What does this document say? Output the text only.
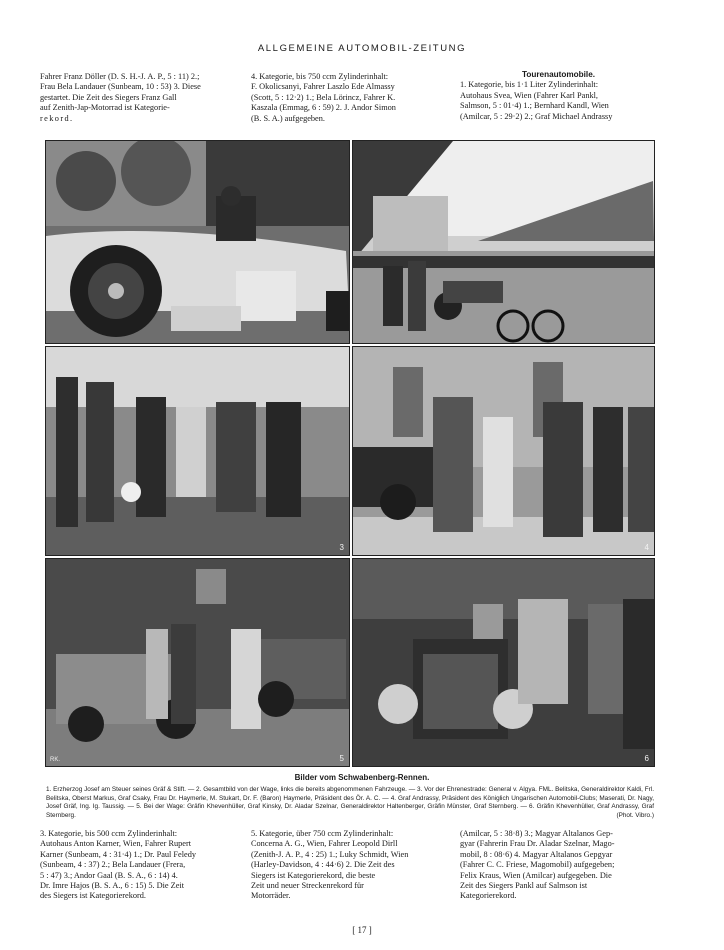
ALLGEMEINE AUTOMOBIL-ZEITUNG
Fahrer Franz Döller (D. S. H.-J. A. P., 5 : 11) 2.;
Frau Bela Landauer (Sunbeam, 10 : 53) 3. Diese
gestartet. Die Zeit des Siegers Franz Gall
auf Zenith-Jap-Motorrad ist Kategorie-
rekord.
4. Kategorie, bis 750 ccm Zylinderinhalt:
F. Okolicsanyi, Fahrer Laszlo Ede Almassy
(Scott, 5 : 12·2) 1.; Bela Lörincz, Fahrer K.
Kaszala (Emmag, 6 : 59) 2. J. Andor Simon
(B. S. A.) aufgegeben.
Tourenautomobile.
1. Kategorie, bis 1·1 Liter Zylinderinhalt:
Autohaus Svea, Wien (Fahrer Karl Pankl,
Salmson, 5 : 01·4) 1.; Bernhard Kandl, Wien
(Amilcar, 5 : 29·2) 2.; Graf Michael Andrassy
3	4
RK.	5	6
Bilder vom Schwabenberg-Rennen.
1. Erzherzog Josef am Steuer seines Gräf & Stift. — 2. Gesamtbild von der Wage, links die bereits abgenommenen Fahrzeuge. — 3. Vor der Ehrenestrade: General v. Algya. FML. Belitska, Generaldirektor Kaldi, Frl. Belitska, Oberst Markus, Graf Csaky, Frau Dr. Haymerle, M. Stukart, Dr. F. (Baron) Haymerle, Präsident des Ör. A. C. — 4. Graf Andrassy, Präsident des Königlich Ungarischen Automobil-Clubs; Maserati, Dr. Nagy, Josef Gräf, Ing. Ig. Taussig. — 5. Bei der Wage: Gräfin Khevenhüller, Graf Kinsky, Dr. Aladar Szelnar, Generaldirektor Haltenberger, Gräfin Münster, Graf Sternberg. — 6. Gräfin Khevenhüller, Graf Andrassy, Graf Sternberg.	(Phot. Vibro.)
3. Kategorie, bis 500 ccm Zylinderinhalt:
Autohaus Anton Karner, Wien, Fahrer Rupert
Karner (Sunbeam, 4 : 31·4) 1.; Dr. Paul Feledy
(Sunbeam, 4 : 37) 2.; Bela Landauer (Frera,
5 : 47) 3.; Andor Gaal (B. S. A., 6 : 14) 4.
Dr. Imre Hajos (B. S. A., 6 : 15) 5. Die Zeit
des Siegers ist Kategorierekord.
5. Kategorie, über 750 ccm Zylinderinhalt:
Concerna A. G., Wien, Fahrer Leopold Dirll
(Zenith-J. A. P., 4 : 25) 1.; Luky Schmidt, Wien
(Harley-Davidson, 4 : 44·6) 2. Die Zeit des
Siegers ist Kategorierekord, die beste
Zeit und neuer Streckenrekord für
Motorräder.
(Amilcar, 5 : 38·8) 3.; Magyar Altalanos Gep-
gyar (Fahrerin Frau Dr. Aladar Szelnar, Mago-
mobil, 8 : 08·6) 4. Magyar Altalanos Gepgyar
(Fahrer C. C. Friese, Magomobil) aufgegeben;
Felix Kraus, Wien (Amilcar) aufgegeben. Die
Zeit des Siegers Pankl auf Salmson ist
Kategorierekord.
[ 17 ]
